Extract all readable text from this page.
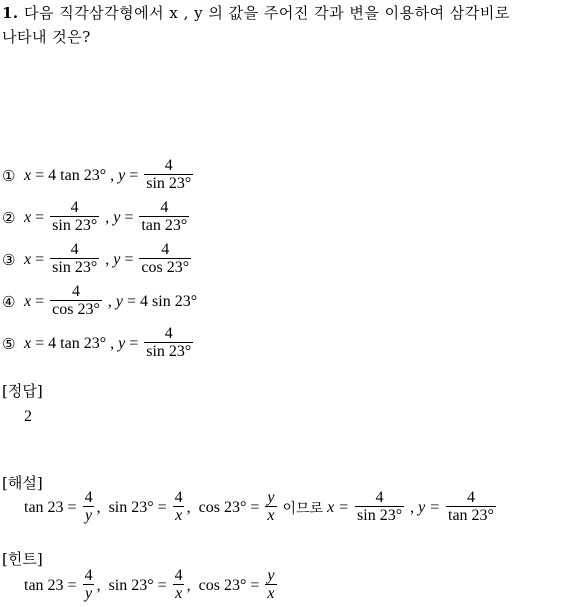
1. 다음 직각삼각형에서 x , y 의 값을 주어진 각과 변을 이용하여 삼각비로
나타내 것은?
① x = 4 tan 23° , $y = \frac{4}{\sin 23^\circ}$
② $x = \frac{4}{\sin 23^\circ}$ , $y = \frac{4}{\tan 23^\circ}$
③ $x = \frac{4}{\sin 23^\circ}$ , $y = \frac{4}{\cos 23^\circ}$
④ $x = \frac{4}{\cos 23^\circ}$ , y = 4 sin 23°
⑤ x = 4 tan 23° , $y = \frac{4}{\sin 23^\circ}$
[정답]
2
[해설]
tan 23 =
$\frac{4}{y}$ , sin 23° =
$\frac{4}{x}$ , cos 23° =
$\frac{y}{x}$ 이므로 x =
$\frac{4}{\sin 23^\circ}$ , y =
$\frac{4}{\tan 23^\circ}$
[힌트]
tan 23 =
$\frac{4}{y}$ , sin 23° =
$\frac{4}{x}$ , cos 23° =
$\frac{y}{x}$
